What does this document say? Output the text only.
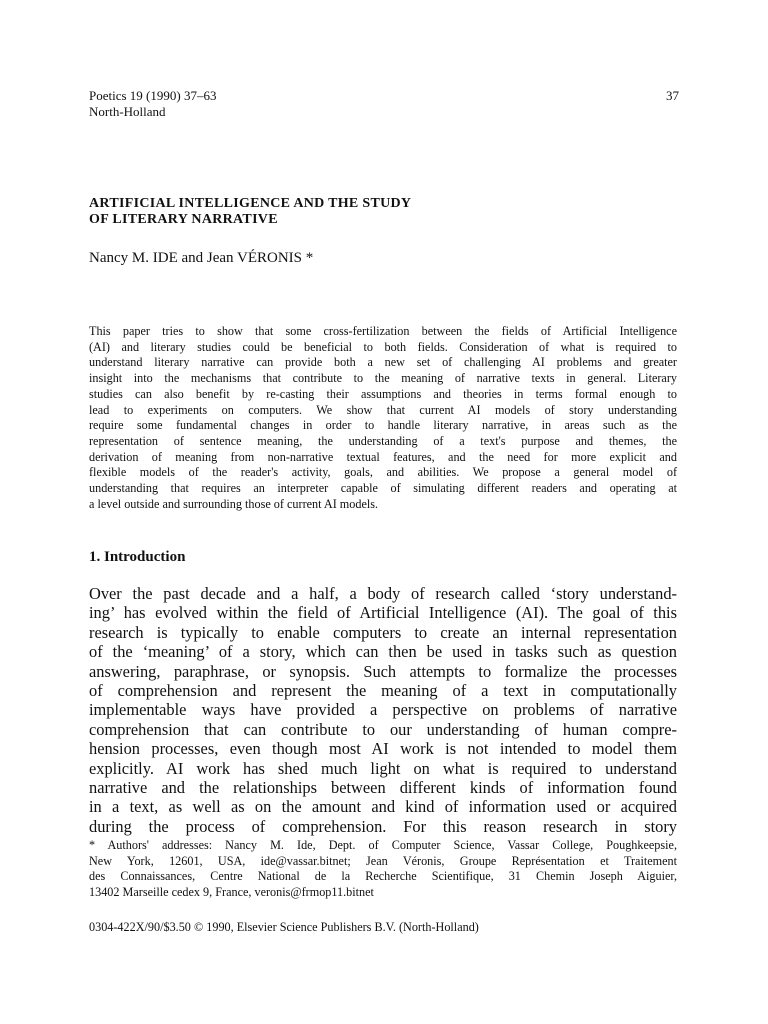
Poetics 19 (1990) 37–63
North-Holland
37
ARTIFICIAL INTELLIGENCE AND THE STUDY
OF LITERARY NARRATIVE
Nancy M. IDE and Jean VÉRONIS *
This paper tries to show that some cross-fertilization between the fields of Artificial Intelligence
(AI) and literary studies could be beneficial to both fields. Consideration of what is required to
understand literary narrative can provide both a new set of challenging AI problems and greater
insight into the mechanisms that contribute to the meaning of narrative texts in general. Literary
studies can also benefit by re-casting their assumptions and theories in terms formal enough to
lead to experiments on computers. We show that current AI models of story understanding
require some fundamental changes in order to handle literary narrative, in areas such as the
representation of sentence meaning, the understanding of a text's purpose and themes, the
derivation of meaning from non-narrative textual features, and the need for more explicit and
flexible models of the reader's activity, goals, and abilities. We propose a general model of
understanding that requires an interpreter capable of simulating different readers and operating at
a level outside and surrounding those of current AI models.
1. Introduction
Over the past decade and a half, a body of research called ‘story understand-
ing’ has evolved within the field of Artificial Intelligence (AI). The goal of this
research is typically to enable computers to create an internal representation
of the ‘meaning’ of a story, which can then be used in tasks such as question
answering, paraphrase, or synopsis. Such attempts to formalize the processes
of comprehension and represent the meaning of a text in computationally
implementable ways have provided a perspective on problems of narrative
comprehension that can contribute to our understanding of human compre-
hension processes, even though most AI work is not intended to model them
explicitly. AI work has shed much light on what is required to understand
narrative and the relationships between different kinds of information found
in a text, as well as on the amount and kind of information used or acquired
during the process of comprehension. For this reason research in story
* Authors' addresses: Nancy M. Ide, Dept. of Computer Science, Vassar College, Poughkeepsie,
New York, 12601, USA, ide@vassar.bitnet; Jean Véronis, Groupe Représentation et Traitement
des Connaissances, Centre National de la Recherche Scientifique, 31 Chemin Joseph Aiguier,
13402 Marseille cedex 9, France, veronis@frmop11.bitnet
0304-422X/90/$3.50 © 1990, Elsevier Science Publishers B.V. (North-Holland)
